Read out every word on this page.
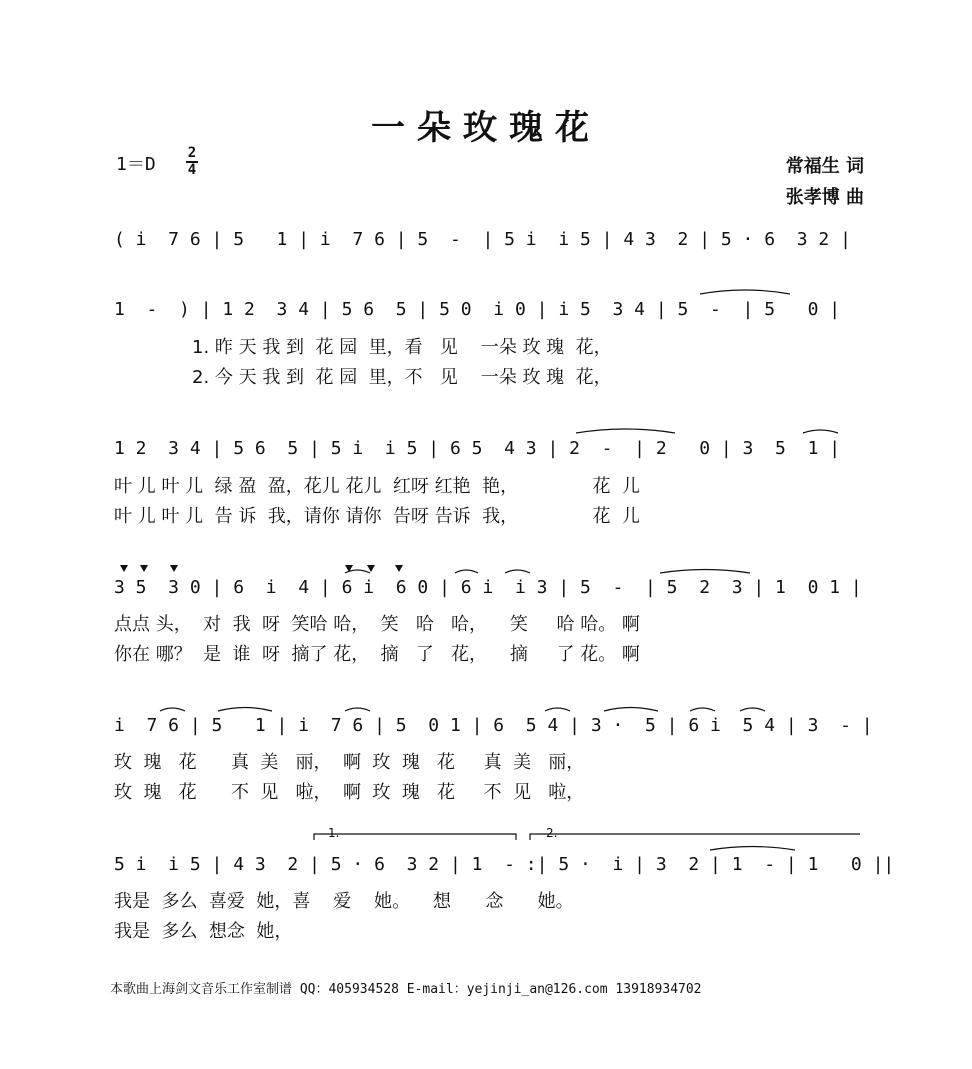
一朵玫瑰花
1＝D
2
4	常福生 词
张孝博 曲
( i  7 6 | 5   1 | i  7 6 | 5  -  | 5 i  i 5 | 4 3  2 | 5 · 6  3 2 |
1  -  ) | 1 2  3 4 | 5 6  5 | 5 0  i 0 | i 5  3 4 | 5  -  | 5   0 |
1. 昨 天 我 到  花 园  里，看   见    一朵 玫 瑰  花，
2. 今 天 我 到  花 园  里，不   见    一朵 玫 瑰  花，
1 2  3 4 | 5 6  5 | 5 i  i 5 | 6 5  4 3 | 2  -  | 2   0 | 3  5  1 |
叶 儿 叶 儿  绿 盈  盈，花儿 花儿  红呀 红艳  艳，             花  儿
叶 儿 叶 儿  告 诉  我，请你 请你  告呀 告诉  我，             花  儿
3 5  3 0 | 6  i  4 | 6 i  6 0 | 6 i  i 3 | 5  -  | 5  2  3 | 1  0 1 |
点点 头，  对  我  呀  笑哈 哈，  笑   哈   哈，    笑     哈 哈。 啊
你在 哪？  是  谁  呀  摘了 花，  摘   了   花，    摘     了 花。 啊
i  7 6 | 5   1 | i  7 6 | 5  0 1 | 6  5 4 | 3 ·  5 | 6 i  5 4 | 3  - |
玫  瑰   花      真  美   丽，  啊  玫  瑰   花     真  美   丽，
玫  瑰   花      不  见   啦，  啊  玫  瑰   花     不  见   啦，
1.	2.
5 i  i 5 | 4 3  2 | 5 · 6  3 2 | 1  - :| 5 ·  i | 3  2 | 1  - | 1   0 ||
我是  多么  喜爱  她，喜    爱    她。    想      念      她。
我是  多么  想念  她，
本歌曲上海剑文音乐工作室制谱 QQ：405934528 E-mail：yejinji_an@126.com 13918934702
